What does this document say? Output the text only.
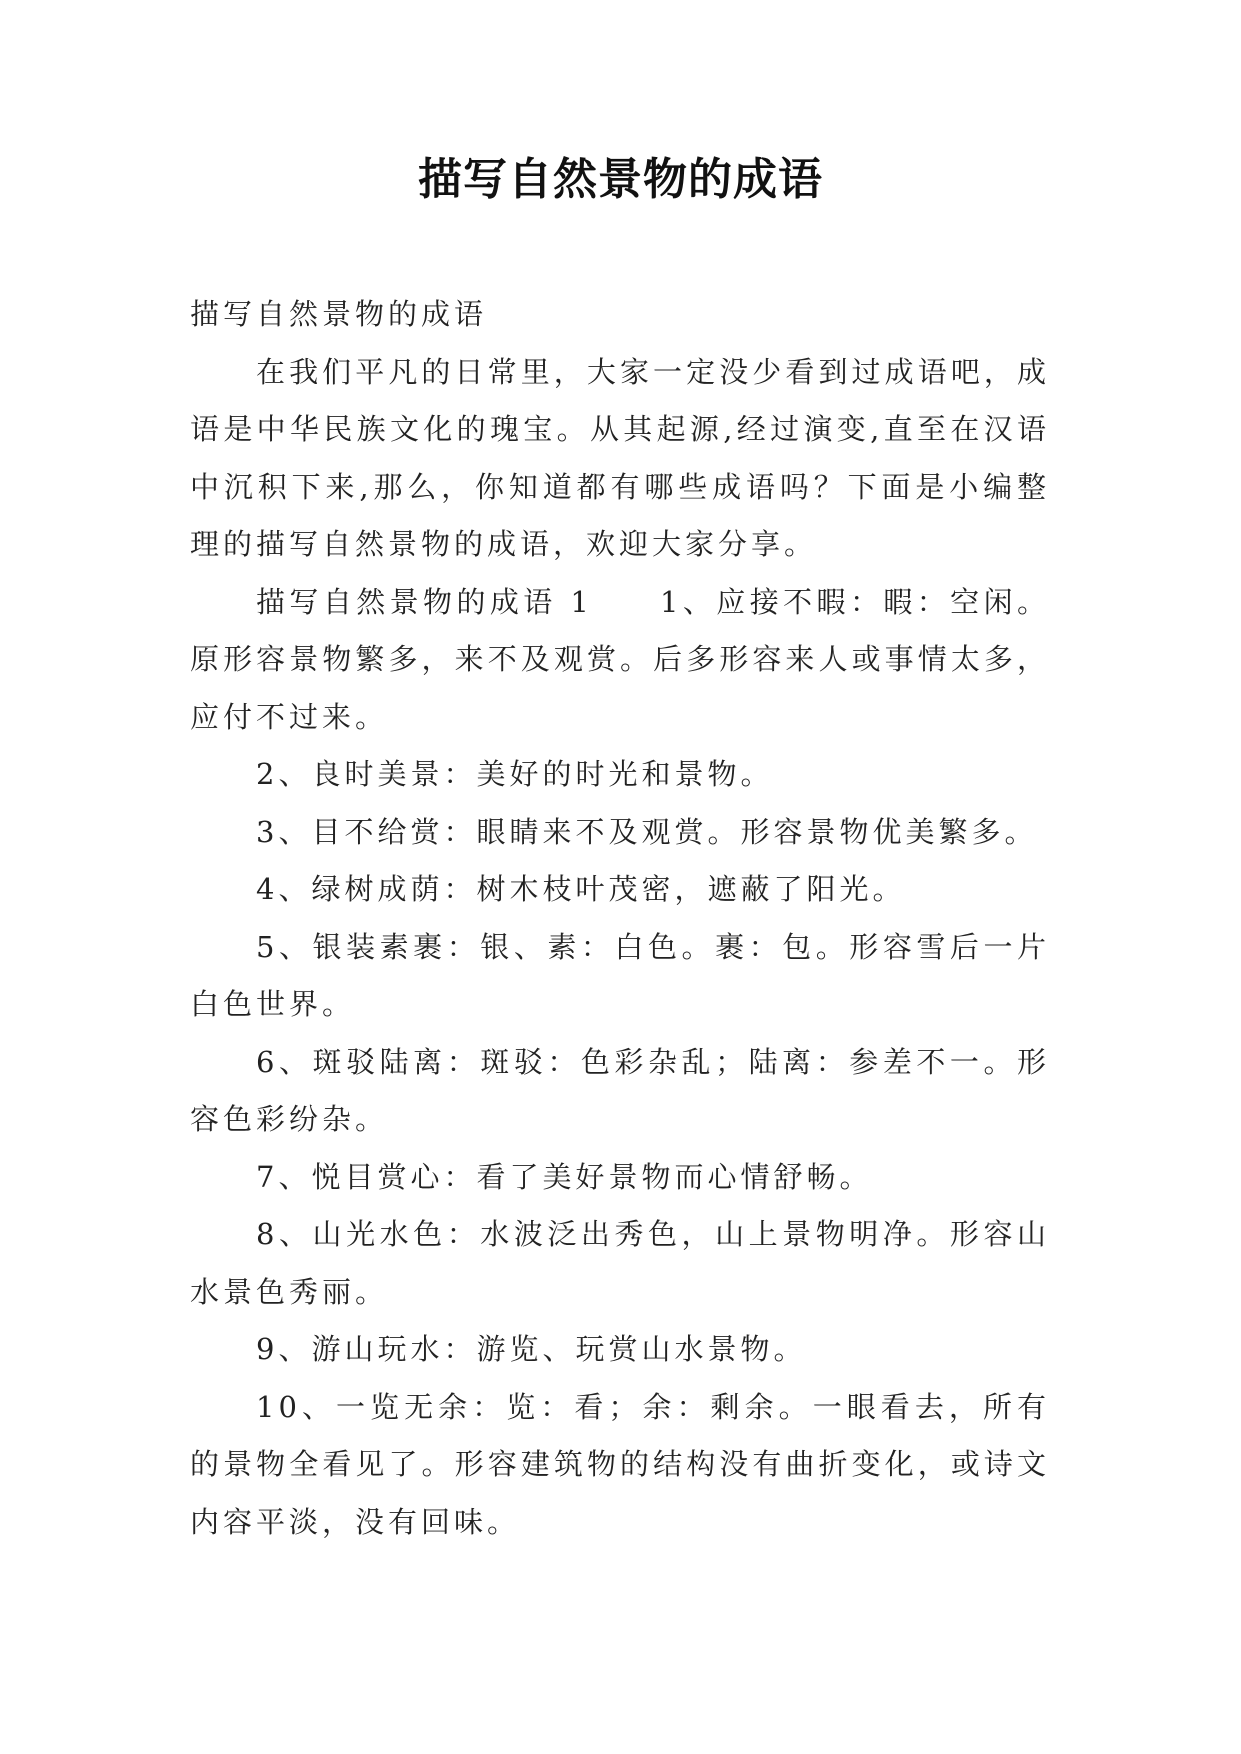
描写自然景物的成语

描写自然景物的成语

在我们平凡的日常里，大家一定没少看到过成语吧，成语是中华民族文化的瑰宝。从其起源,经过演变,直至在汉语中沉积下来,那么，你知道都有哪些成语吗？下面是小编整理的描写自然景物的成语，欢迎大家分享。

描写自然景物的成语 1　　1、应接不暇：暇：空闲。原形容景物繁多，来不及观赏。后多形容来人或事情太多，应付不过来。

2、良时美景：美好的时光和景物。

3、目不给赏：眼睛来不及观赏。形容景物优美繁多。

4、绿树成荫：树木枝叶茂密，遮蔽了阳光。

5、银装素裹：银、素：白色。裹：包。形容雪后一片白色世界。

6、斑驳陆离：斑驳：色彩杂乱；陆离：参差不一。形容色彩纷杂。

7、悦目赏心：看了美好景物而心情舒畅。

8、山光水色：水波泛出秀色，山上景物明净。形容山水景色秀丽。

9、游山玩水：游览、玩赏山水景物。

10、一览无余：览：看；余：剩余。一眼看去，所有的景物全看见了。形容建筑物的结构没有曲折变化，或诗文内容平淡，没有回味。
